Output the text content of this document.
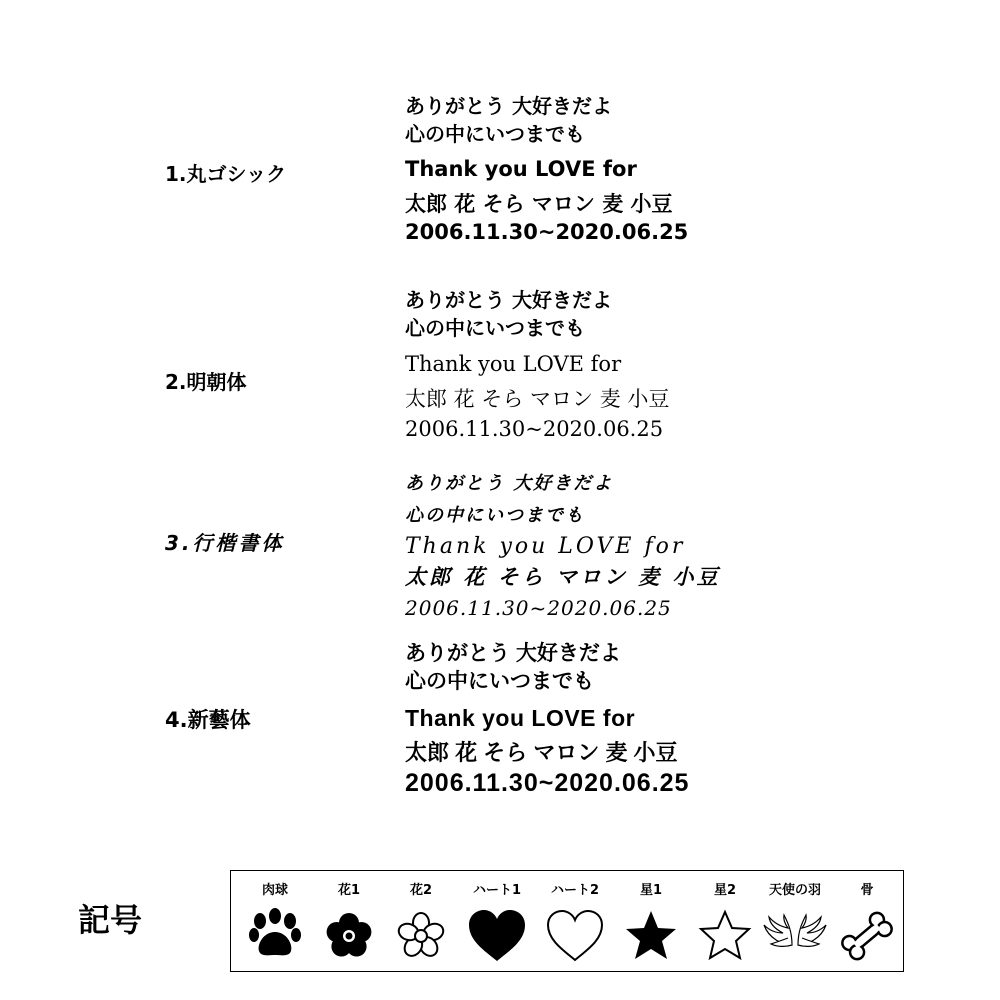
1.丸ゴシック
ありがとう 大好きだよ
心の中にいつまでも
Thank you LOVE for
太郎 花 そら マロン 麦 小豆
2006.11.30~2020.06.25
2.明朝体
ありがとう 大好きだよ
心の中にいつまでも
Thank you LOVE for
太郎 花 そら マロン 麦 小豆
2006.11.30~2020.06.25
3.行楷書体
ありがとう 大好きだよ
心の中にいつまでも
Thank you LOVE for
太郎 花 そら マロン 麦 小豆
2006.11.30~2020.06.25
4.新藝体
ありがとう 大好きだよ
心の中にいつまでも
Thank you LOVE for
太郎 花 そら マロン 麦 小豆
2006.11.30~2020.06.25
記号
肉球	花1	花2	ハート1	ハート2	星1	星2	天使の羽	骨
